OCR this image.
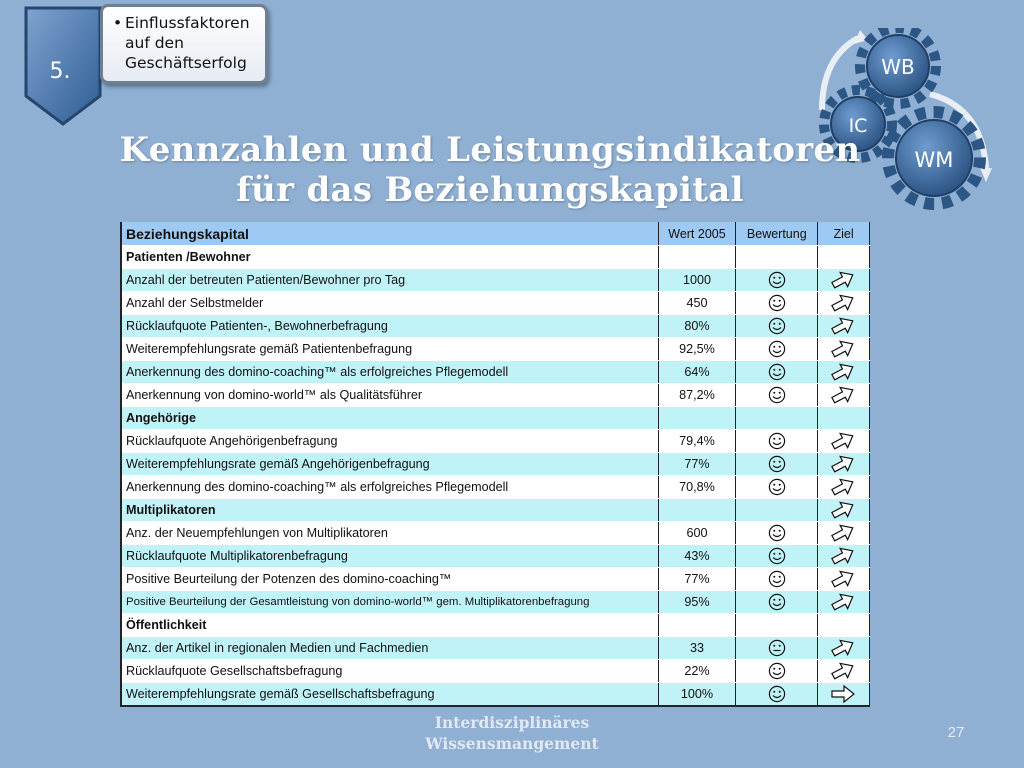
5.
• Einflussfaktoren
auf den
Geschäftserfolg	WB
IC
WM
Kennzahlen und Leistungsindikatoren
für das Beziehungskapital
Beziehungskapital	Wert 2005	Bewertung	Ziel
Patienten /Bewohner			
Anzahl der betreuten Patienten/Bewohner pro Tag	1000		
Anzahl der Selbstmelder	450		
Rücklaufquote Patienten-, Bewohnerbefragung	80%		
Weiterempfehlungsrate gemäß Patientenbefragung	92,5%		
Anerkennung des domino-coaching™ als erfolgreiches Pflegemodell	64%		
Anerkennung von domino-world™ als Qualitätsführer	87,2%		
Angehörige			
Rücklaufquote Angehörigenbefragung	79,4%		
Weiterempfehlungsrate gemäß Angehörigenbefragung	77%		
Anerkennung des domino-coaching™ als erfolgreiches Pflegemodell	70,8%		
Multiplikatoren			
Anz. der Neuempfehlungen von Multiplikatoren	600		
Rücklaufquote Multiplikatorenbefragung	43%		
Positive Beurteilung der Potenzen des domino-coaching™	77%		
Positive Beurteilung der Gesamtleistung von domino-world™ gem. Multiplikatorenbefragung	95%		
Öffentlichkeit			
Anz. der Artikel in regionalen Medien und Fachmedien	33		
Rücklaufquote Gesellschaftsbefragung	22%		
Weiterempfehlungsrate gemäß Gesellschaftsbefragung	100%		
Interdisziplinäres
Wissensmangement
27
